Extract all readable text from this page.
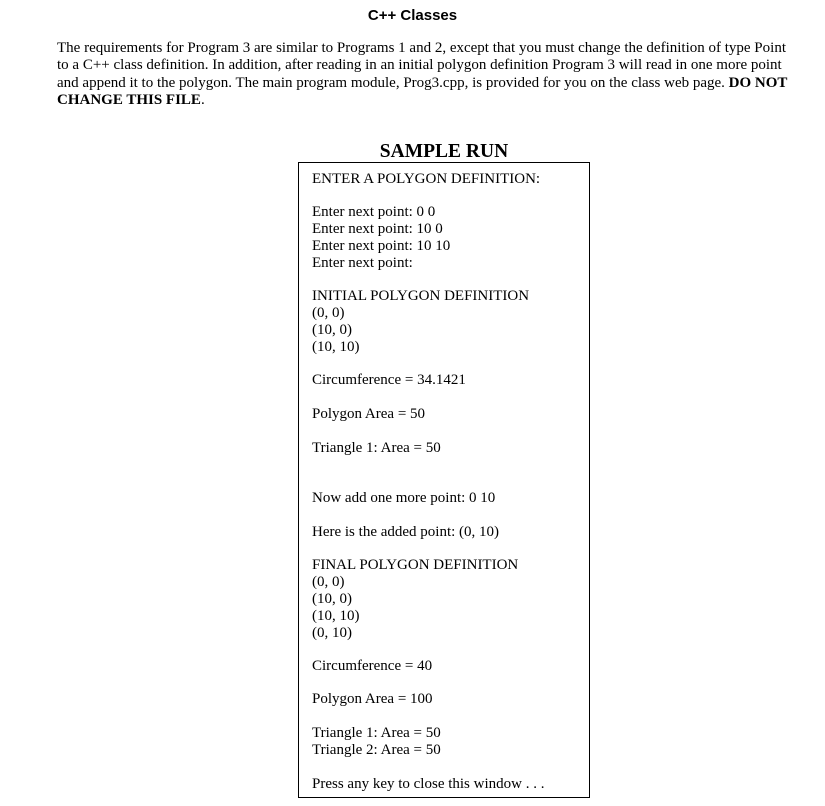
C++ Classes

The requirements for Program 3 are similar to Programs 1 and 2, except that you must change the definition of type Point to a C++ class definition. In addition, after reading in an initial polygon definition Program 3 will read in one more point and append it to the polygon. The main program module, Prog3.cpp, is provided for you on the class web page. DO NOT CHANGE THIS FILE.

SAMPLE RUN
ENTER A POLYGON DEFINITION:
Enter next point: 0 0
Enter next point: 10 0
Enter next point: 10 10
Enter next point:
INITIAL POLYGON DEFINITION
(0, 0)
(10, 0)
(10, 10)
Circumference = 34.1421
Polygon Area = 50
Triangle 1: Area = 50
Now add one more point: 0 10
Here is the added point: (0, 10)
FINAL POLYGON DEFINITION
(0, 0)
(10, 0)
(10, 10)
(0, 10)
Circumference = 40
Polygon Area = 100
Triangle 1: Area = 50
Triangle 2: Area = 50
Press any key to close this window . . .
